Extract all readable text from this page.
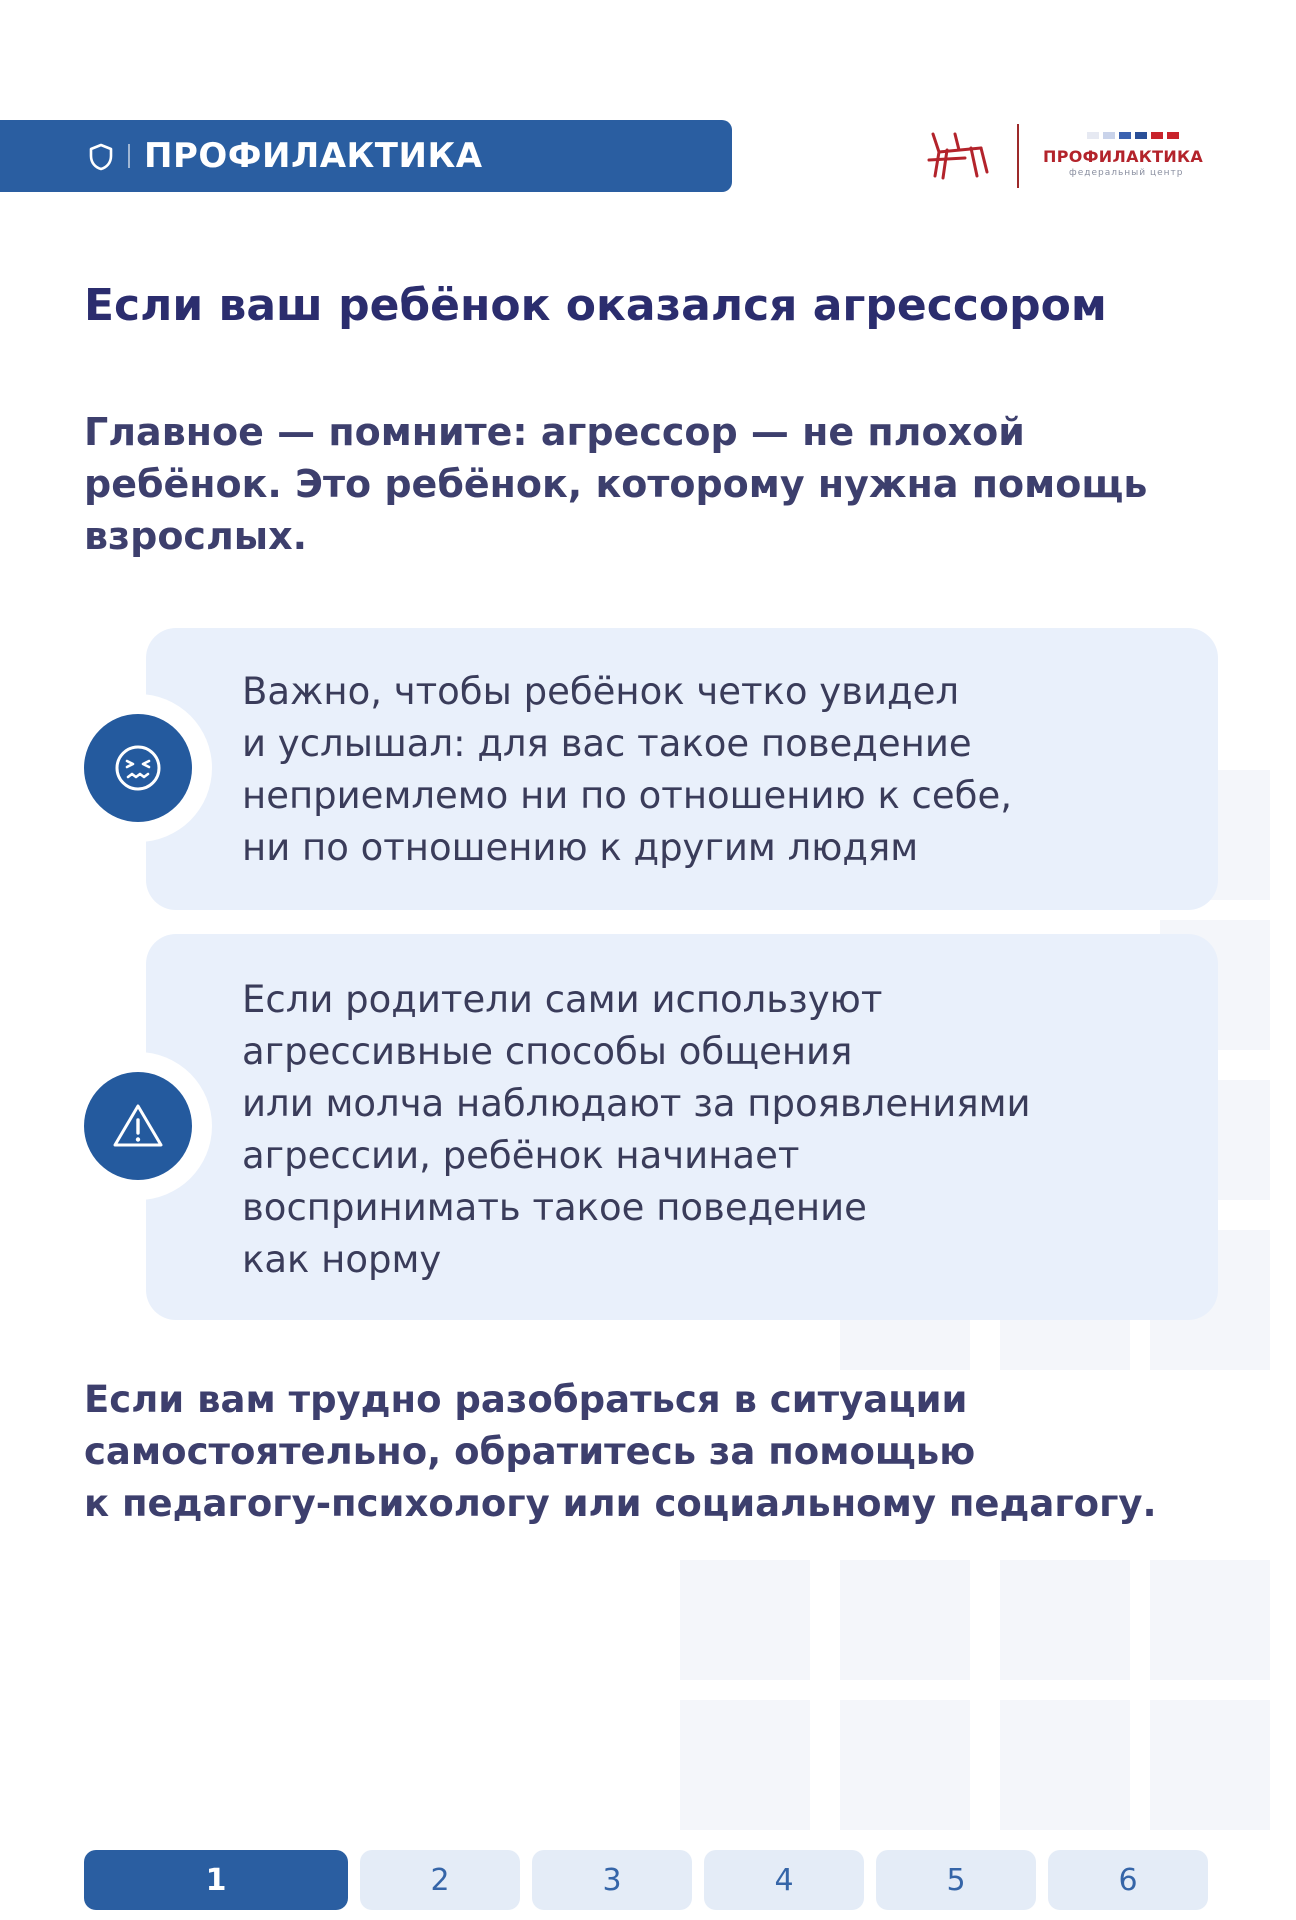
ПРОФИЛАКТИКА	ПРОФИЛАКТИКА
федеральный центр
Если ваш ребёнок оказался агрессором

Главное — помните: агрессор — не плохой ребёнок. Это ребёнок, которому нужна помощь взрослых.

Важно, чтобы ребёнок четко увидел
и услышал: для вас такое поведение
неприемлемо ни по отношению к себе,
ни по отношению к другим людям

Если родители сами используют
агрессивные способы общения
или молча наблюдают за проявлениями
агрессии, ребёнок начинает
воспринимать такое поведение
как норму

Если вам трудно разобраться в ситуации
самостоятельно, обратитесь за помощью
к педагогу-психологу или социальному педагогу.

1	2	3	4	5	6
